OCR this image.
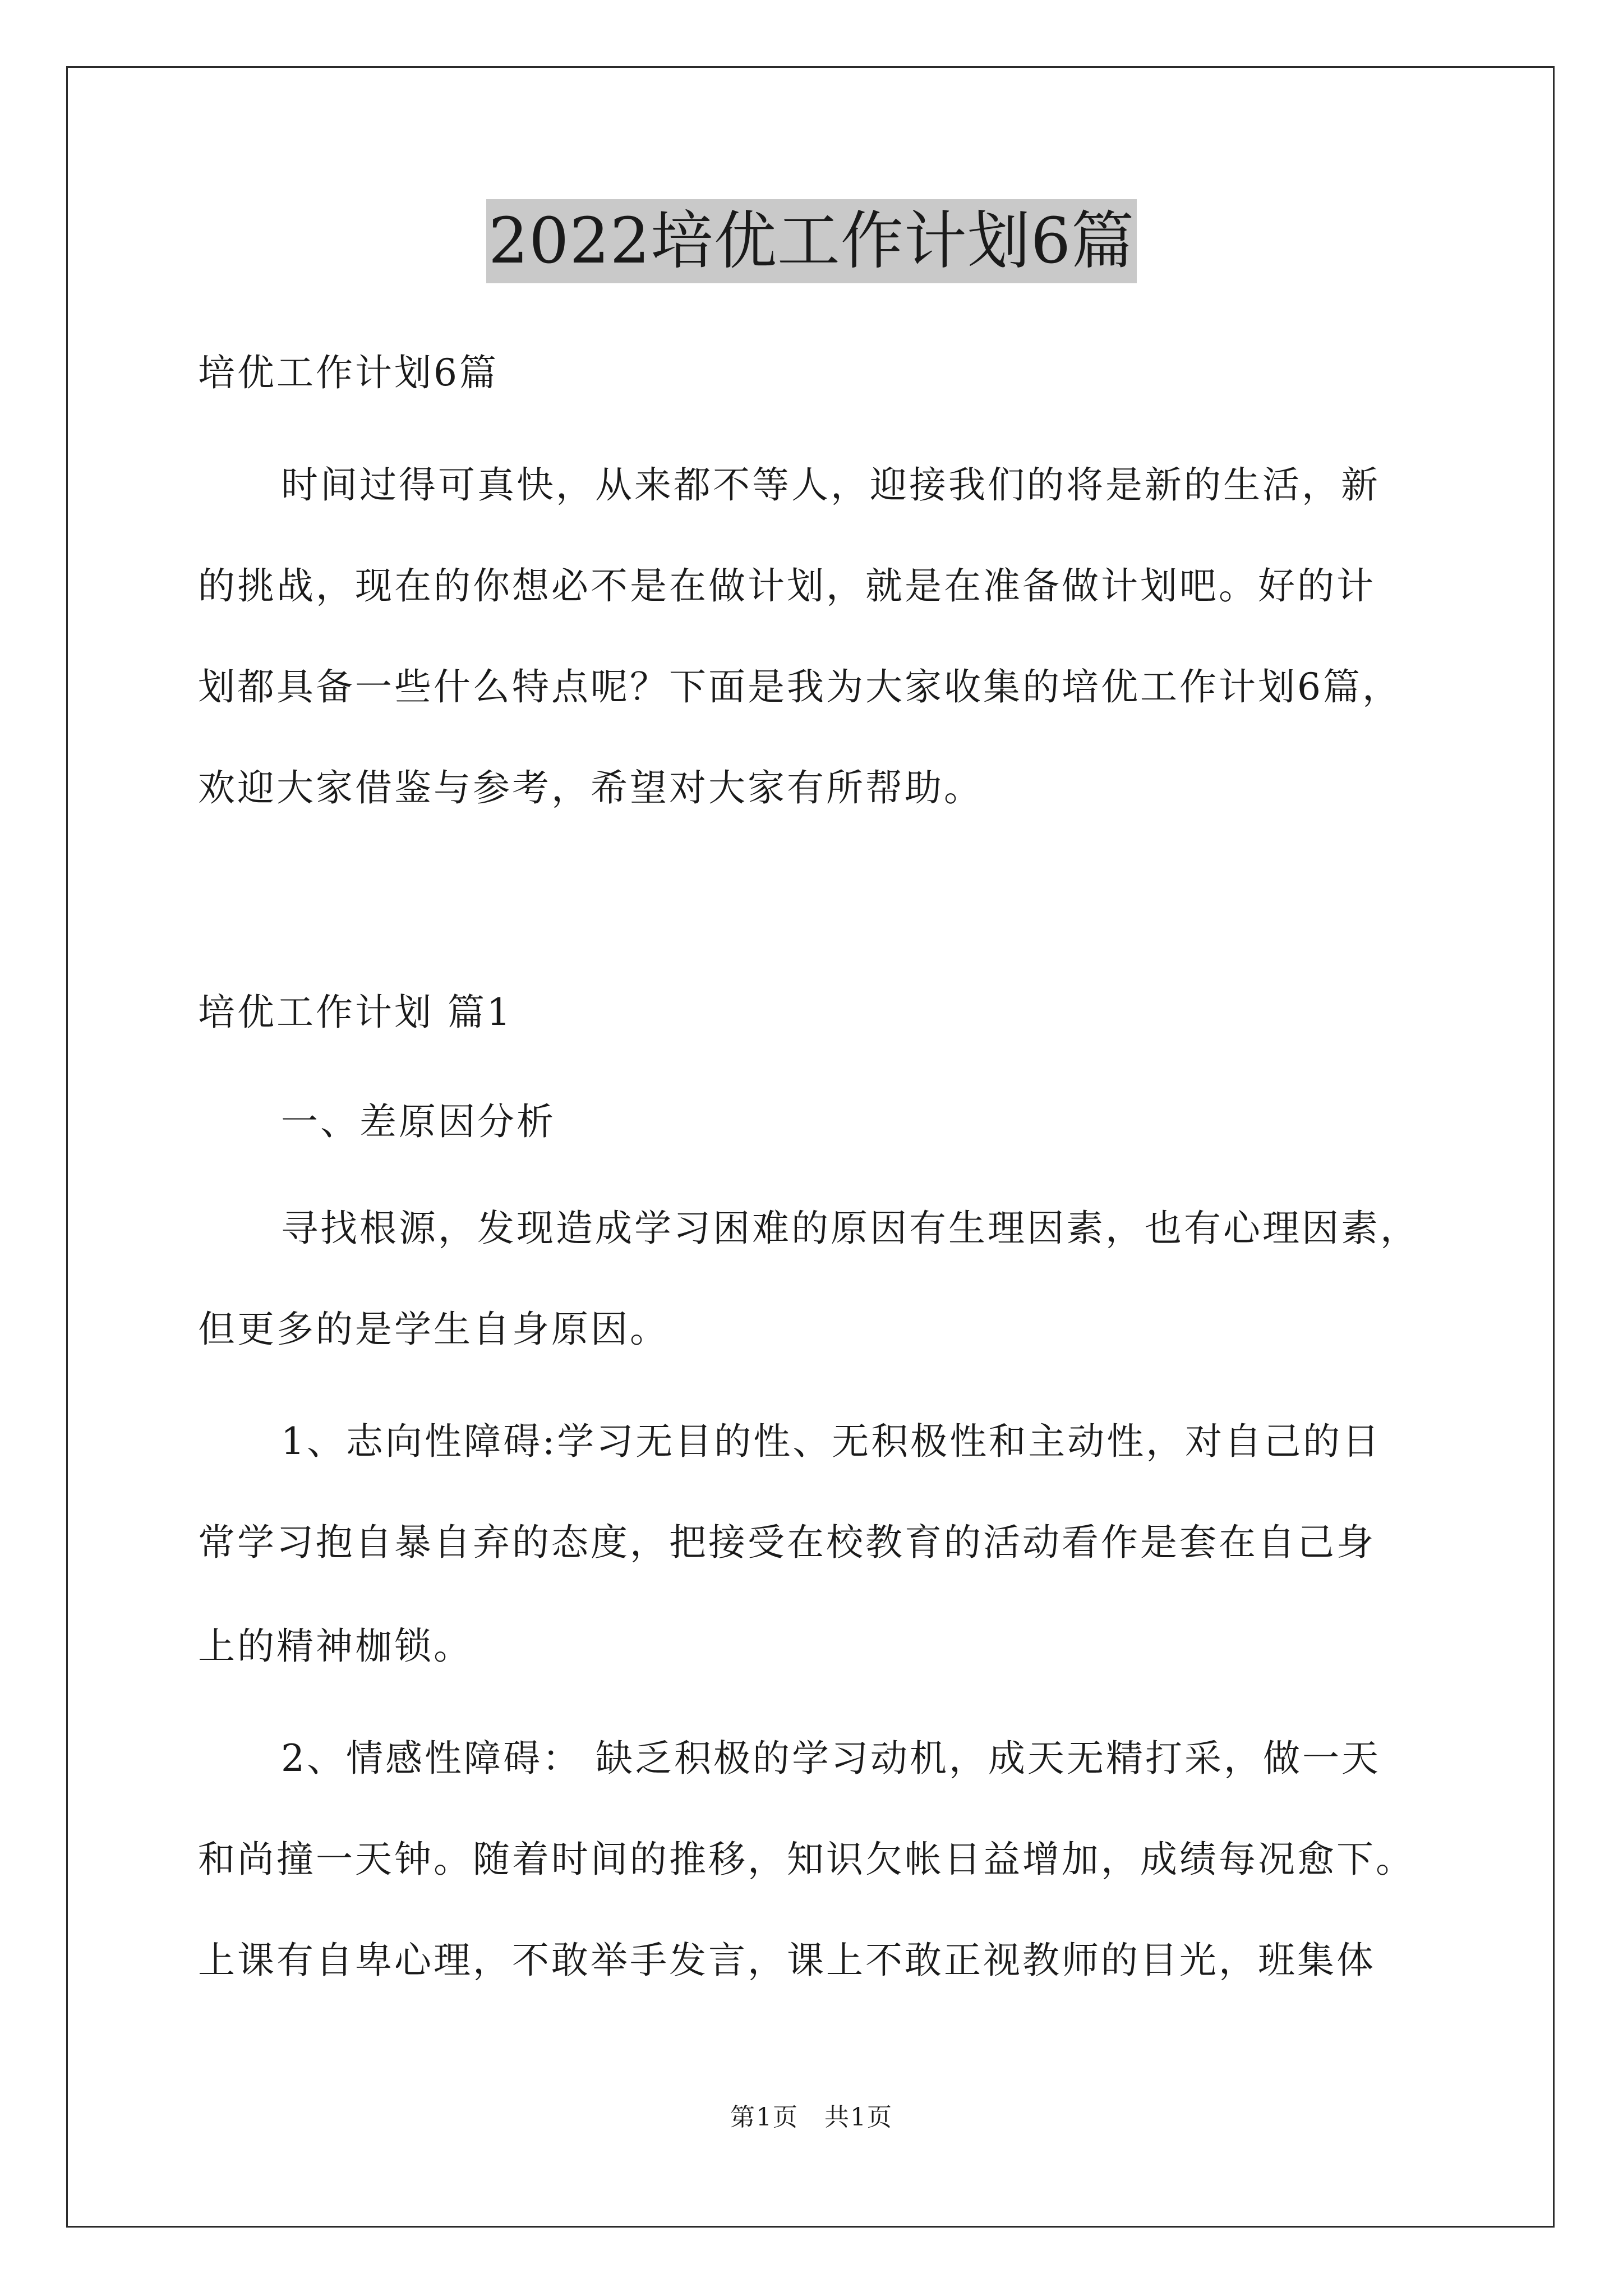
2022培优工作计划6篇
培优工作计划6篇
时间过得可真快，从来都不等人，迎接我们的将是新的生活，新
的挑战，现在的你想必不是在做计划，就是在准备做计划吧。好的计
划都具备一些什么特点呢？下面是我为大家收集的培优工作计划6篇，
欢迎大家借鉴与参考，希望对大家有所帮助。
培优工作计划 篇1
一、差原因分析
寻找根源，发现造成学习困难的原因有生理因素，也有心理因素，
但更多的是学生自身原因。
1、志向性障碍:学习无目的性、无积极性和主动性，对自己的日
常学习抱自暴自弃的态度，把接受在校教育的活动看作是套在自己身
上的精神枷锁。
2、情感性障碍： 缺乏积极的学习动机，成天无精打采，做一天
和尚撞一天钟。随着时间的推移，知识欠帐日益增加，成绩每况愈下。
上课有自卑心理，不敢举手发言，课上不敢正视教师的目光，班集体
第1页　共1页
